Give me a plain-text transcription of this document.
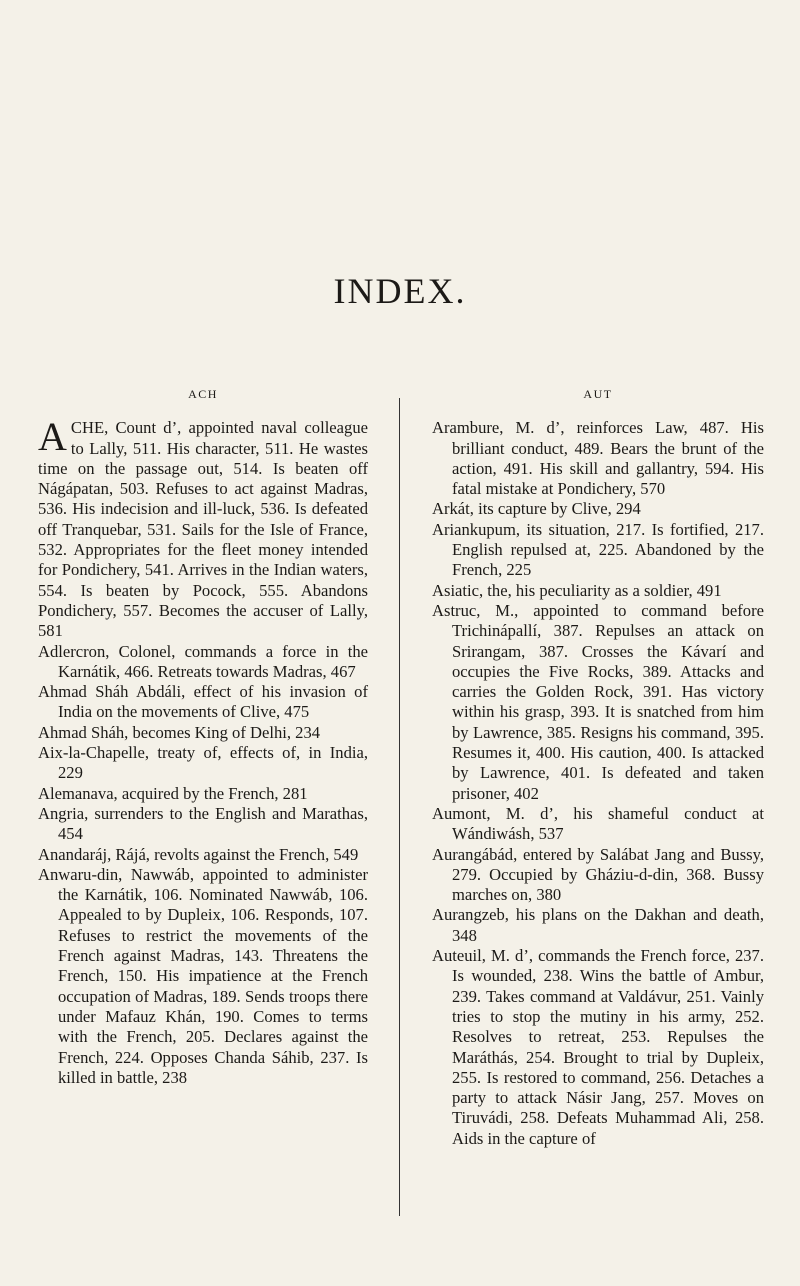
INDEX.
ACH

ACHE, Count d’, appointed naval colleague to Lally, 511. His character, 511. He wastes time on the passage out, 514. Is beaten off Nágápatan, 503. Refuses to act against Madras, 536. His indecision and ill-luck, 536. Is defeated off Tranquebar, 531. Sails for the Isle of France, 532. Appropriates for the fleet money intended for Pondichery, 541. Arrives in the Indian waters, 554. Is beaten by Pocock, 555. Abandons Pondichery, 557. Becomes the accuser of Lally, 581

Adlercron, Colonel, commands a force in the Karnátik, 466. Retreats towards Madras, 467

Ahmad Sháh Abdáli, effect of his invasion of India on the movements of Clive, 475

Ahmad Sháh, becomes King of Delhi, 234

Aix-la-Chapelle, treaty of, effects of, in India, 229

Alemanava, acquired by the French, 281

Angria, surrenders to the English and Marathas, 454

Anandaráj, Rájá, revolts against the French, 549

Anwaru-din, Nawwáb, appointed to administer the Karnátik, 106. Nominated Nawwáb, 106. Appealed to by Dupleix, 106. Responds, 107. Refuses to restrict the movements of the French against Madras, 143. Threatens the French, 150. His impatience at the French occupation of Madras, 189. Sends troops there under Mafauz Khán, 190. Comes to terms with the French, 205. Declares against the French, 224. Opposes Chanda Sáhib, 237. Is killed in battle, 238

AUT

Arambure, M. d’, reinforces Law, 487. His brilliant conduct, 489. Bears the brunt of the action, 491. His skill and gallantry, 594. His fatal mistake at Pondichery, 570

Arkát, its capture by Clive, 294

Ariankupum, its situation, 217. Is fortified, 217. English repulsed at, 225. Abandoned by the French, 225

Asiatic, the, his peculiarity as a soldier, 491

Astruc, M., appointed to command before Trichinápallí, 387. Repulses an attack on Srirangam, 387. Crosses the Kávarí and occupies the Five Rocks, 389. Attacks and carries the Golden Rock, 391. Has victory within his grasp, 393. It is snatched from him by Lawrence, 385. Resigns his command, 395. Resumes it, 400. His caution, 400. Is attacked by Lawrence, 401. Is defeated and taken prisoner, 402

Aumont, M. d’, his shameful conduct at Wándiwásh, 537

Aurangábád, entered by Salábat Jang and Bussy, 279. Occupied by Gháziu-d-din, 368. Bussy marches on, 380

Aurangzeb, his plans on the Dakhan and death, 348

Auteuil, M. d’, commands the French force, 237. Is wounded, 238. Wins the battle of Ambur, 239. Takes command at Valdávur, 251. Vainly tries to stop the mutiny in his army, 252. Resolves to retreat, 253. Repulses the Maráthás, 254. Brought to trial by Dupleix, 255. Is restored to command, 256. Detaches a party to attack Násir Jang, 257. Moves on Tiruvádi, 258. Defeats Muhammad Ali, 258. Aids in the capture of
